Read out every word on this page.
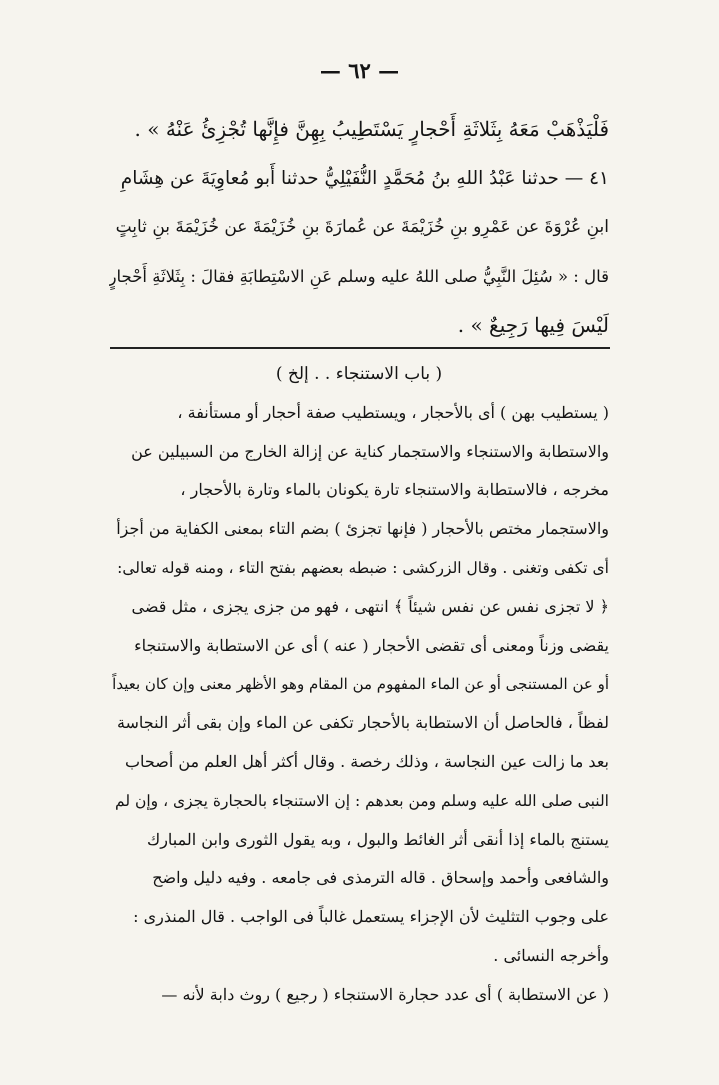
— ٦٢ —
فَلْيَذْهَبْ مَعَهُ بِثَلاثَةِ أَحْجارٍ يَسْتَطِيبُ بِهِنَّ فإِنَّها تُجْزِئُ عَنْهُ » .
٤١ — حدثنا عَبْدُ اللهِ بنُ مُحَمَّدٍ النُّفَيْلِيُّ حدثنا أَبو مُعاوِيَةَ عن هِشَامِ
ابنِ عُرْوَةَ عن عَمْرِو بنِ خُزَيْمَةَ عن عُمارَةَ بنِ خُزَيْمَةَ عن خُزَيْمَةَ بنِ ثابِتٍ
قال : « سُئِلَ النَّبِيُّ صلى اللهُ عليه وسلم عَنِ الاسْتِطابَةِ فقالَ : بِثَلاثَةِ أَحْجارٍ
لَيْسَ فِيها رَجِيعٌ » .
( باب الاستنجاء . . إلخ )
( يستطيب بهن ) أى بالأحجار ، ويستطيب صفة أحجار أو مستأنفة ،
والاستطابة والاستنجاء والاستجمار كناية عن إزالة الخارج من السبيلين عن
مخرجه ، فالاستطابة والاستنجاء تارة يكونان بالماء وتارة بالأحجار ،
والاستجمار مختص بالأحجار ( فإنها تجزئ ) بضم التاء بمعنى الكفاية من أجزأ
أى تكفى وتغنى . وقال الزركشى : ضبطه بعضهم بفتح التاء ، ومنه قوله تعالى:
﴿ لا تجزى نفس عن نفس شيئاً ﴾ انتهى ، فهو من جزى يجزى ، مثل قضى
يقضى وزناً ومعنى أى تقضى الأحجار ( عنه ) أى عن الاستطابة والاستنجاء
أو عن المستنجى أو عن الماء المفهوم من المقام وهو الأظهر معنى وإن كان بعيداً
لفظاً ، فالحاصل أن الاستطابة بالأحجار تكفى عن الماء وإن بقى أثر النجاسة
بعد ما زالت عين النجاسة ، وذلك رخصة . وقال أكثر أهل العلم من أصحاب
النبى صلى الله عليه وسلم ومن بعدهم : إن الاستنجاء بالحجارة يجزى ، وإن لم
يستنج بالماء إذا أنقى أثر الغائط والبول ، وبه يقول الثورى وابن المبارك
والشافعى وأحمد وإسحاق . قاله الترمذى فى جامعه . وفيه دليل واضح
على وجوب التثليث لأن الإجزاء يستعمل غالباً فى الواجب . قال المنذرى :
وأخرجه النسائى .
( عن الاستطابة ) أى عدد حجارة الاستنجاء ( رجيع ) روث دابة لأنه —
